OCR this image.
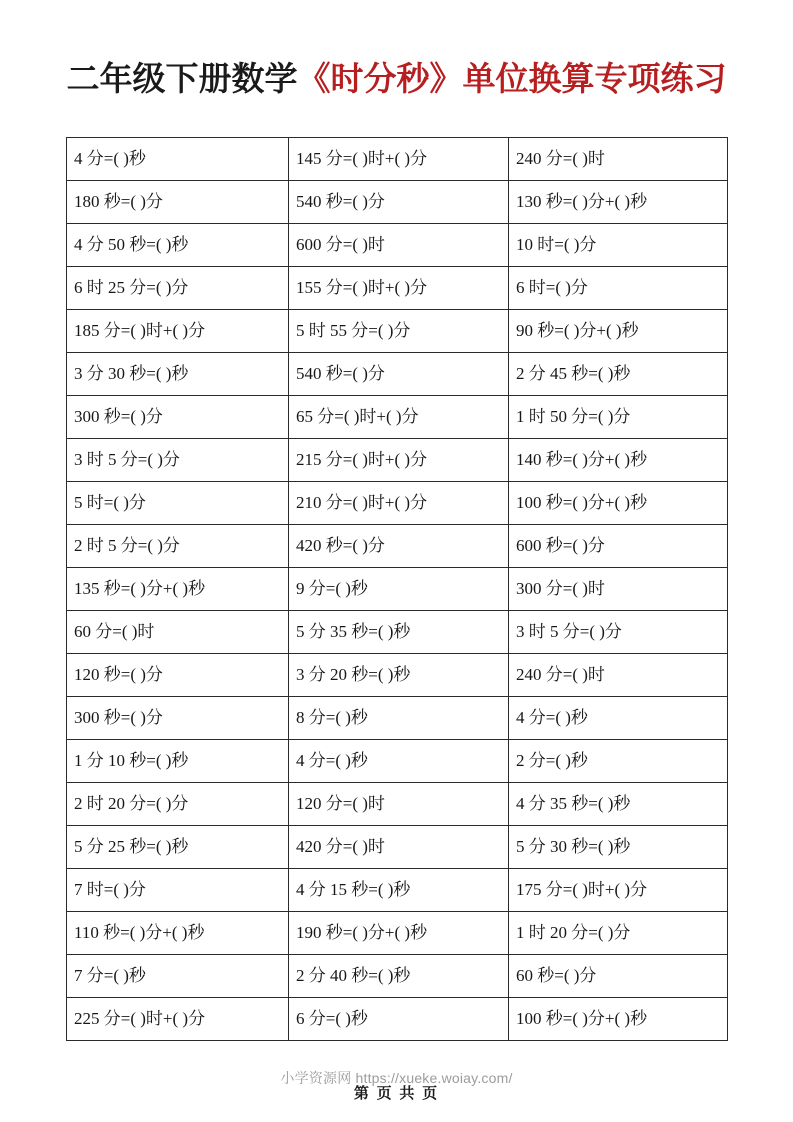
二年级下册数学《时分秒》单位换算专项练习
4 分=( )秒	145 分=( )时+( )分	240 分=( )时
180 秒=( )分	540 秒=( )分	130 秒=( )分+( )秒
4 分 50 秒=( )秒	600 分=( )时	10 时=( )分
6 时 25 分=( )分	155 分=( )时+( )分	6 时=( )分
185 分=( )时+( )分	5 时 55 分=( )分	90 秒=( )分+( )秒
3 分 30 秒=( )秒	540 秒=( )分	2 分 45 秒=( )秒
300 秒=( )分	65 分=( )时+( )分	1 时 50 分=( )分
3 时 5 分=( )分	215 分=( )时+( )分	140 秒=( )分+( )秒
5 时=( )分	210 分=( )时+( )分	100 秒=( )分+( )秒
2 时 5 分=( )分	420 秒=( )分	600 秒=( )分
135 秒=( )分+( )秒	9 分=( )秒	300 分=( )时
60 分=( )时	5 分 35 秒=( )秒	3 时 5 分=( )分
120 秒=( )分	3 分 20 秒=( )秒	240 分=( )时
300 秒=( )分	8 分=( )秒	4 分=( )秒
1 分 10 秒=( )秒	4 分=( )秒	2 分=( )秒
2 时 20 分=( )分	120 分=( )时	4 分 35 秒=( )秒
5 分 25 秒=( )秒	420 分=( )时	5 分 30 秒=( )秒
7 时=( )分	4 分 15 秒=( )秒	175 分=( )时+( )分
110 秒=( )分+( )秒	190 秒=( )分+( )秒	1 时 20 分=( )分
7 分=( )秒	2 分 40 秒=( )秒	60 秒=( )分
225 分=( )时+( )分	6 分=( )秒	100 秒=( )分+( )秒
小学资源网 https://xueke.woiay.com/
第 页 共 页
